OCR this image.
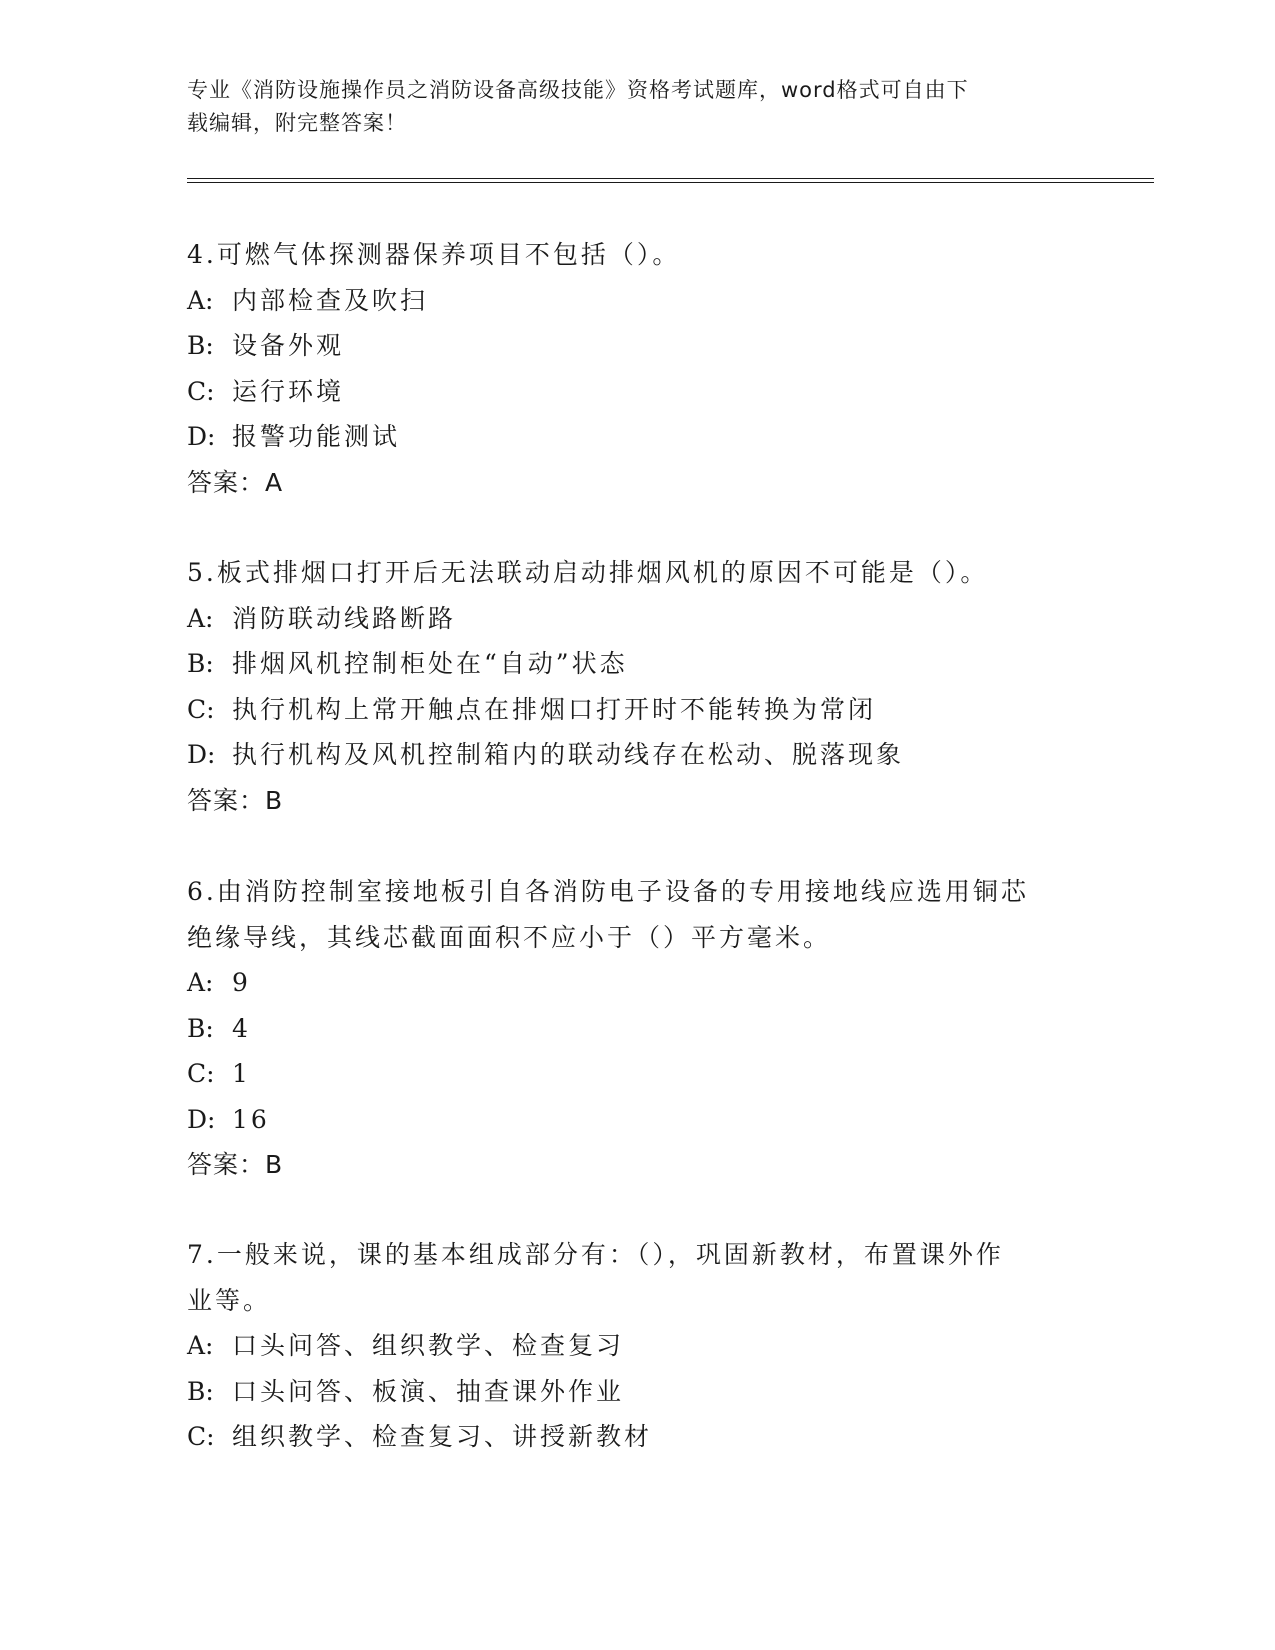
专业《消防设施操作员之消防设备高级技能》资格考试题库，word格式可自由下
载编辑，附完整答案！

4.可燃气体探测器保养项目不包括（）。

A: 内部检查及吹扫

B: 设备外观

C: 运行环境

D: 报警功能测试

答案：A

5.板式排烟口打开后无法联动启动排烟风机的原因不可能是（）。

A: 消防联动线路断路

B: 排烟风机控制柜处在“自动”状态

C: 执行机构上常开触点在排烟口打开时不能转换为常闭

D: 执行机构及风机控制箱内的联动线存在松动、脱落现象

答案：B

6.由消防控制室接地板引自各消防电子设备的专用接地线应选用铜芯

绝缘导线，其线芯截面面积不应小于（）平方毫米。

A: 9

B: 4

C: 1

D: 16

答案：B

7.一般来说，课的基本组成部分有：（），巩固新教材，布置课外作

业等。

A: 口头问答、组织教学、检查复习

B: 口头问答、板演、抽查课外作业

C: 组织教学、检查复习、讲授新教材
